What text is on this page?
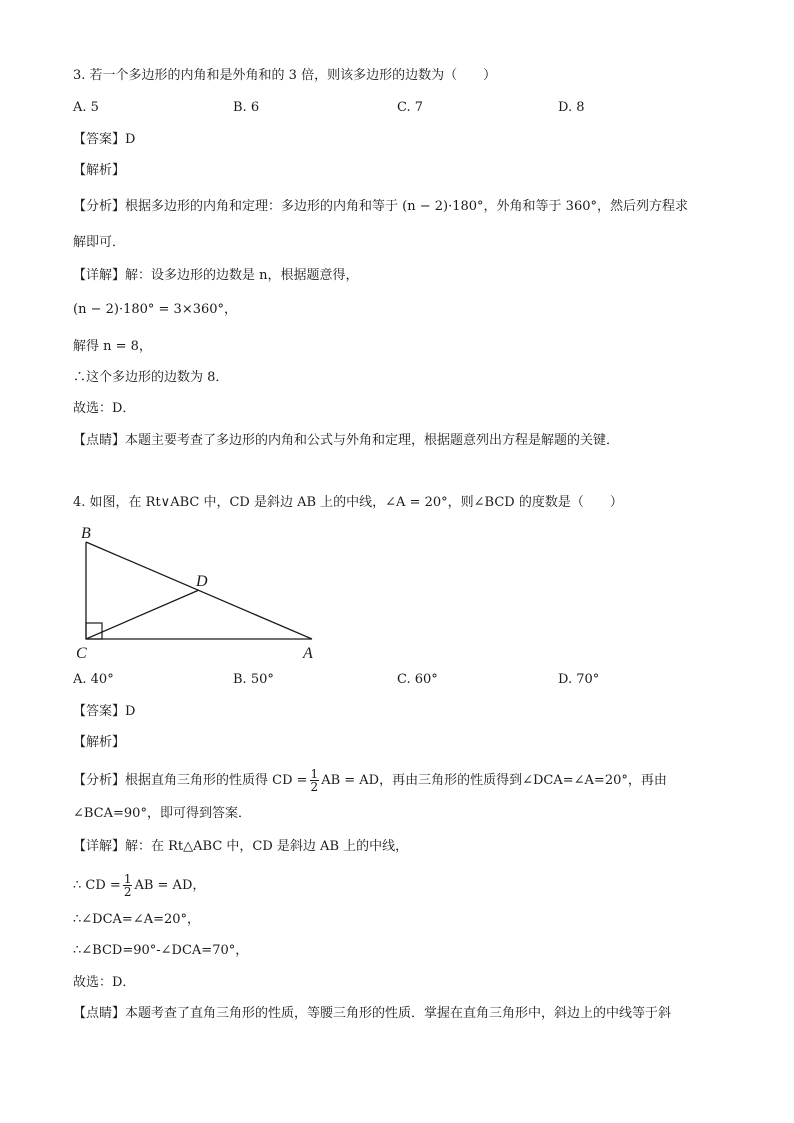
3. 若一个多边形的内角和是外角和的 3 倍，则该多边形的边数为（　　）
A. 5	B. 6	C. 7	D. 8
【答案】D
【解析】
【分析】根据多边形的内角和定理：多边形的内角和等于 (n − 2)·180°，外角和等于 360°，然后列方程求
解即可．
【详解】解：设多边形的边数是 n，根据题意得，
(n − 2)·180° = 3×360°，
解得 n = 8，
∴这个多边形的边数为 8．
故选：D．
【点睛】本题主要考查了多边形的内角和公式与外角和定理，根据题意列出方程是解题的关键．
4. 如图，在 Rt∨ABC 中，CD 是斜边 AB 上的中线，∠A = 20°，则∠BCD 的度数是（　　）
B
D
C	A
A. 40°	B. 50°	C. 60°	D. 70°
【答案】D
【解析】
【分析】根据直角三角形的性质得 CD = $\frac{1}{2}$ AB = AD，再由三角形的性质得到∠DCA=∠A=20°，再由
∠BCA=90°，即可得到答案．
【详解】解：在 Rt△ABC 中，CD 是斜边 AB 上的中线，
∴ CD = $\frac{1}{2}$ AB = AD，
∴∠DCA=∠A=20°，
∴∠BCD=90°-∠DCA=70°，
故选：D．
【点睛】本题考查了直角三角形的性质，等腰三角形的性质．掌握在直角三角形中，斜边上的中线等于斜
